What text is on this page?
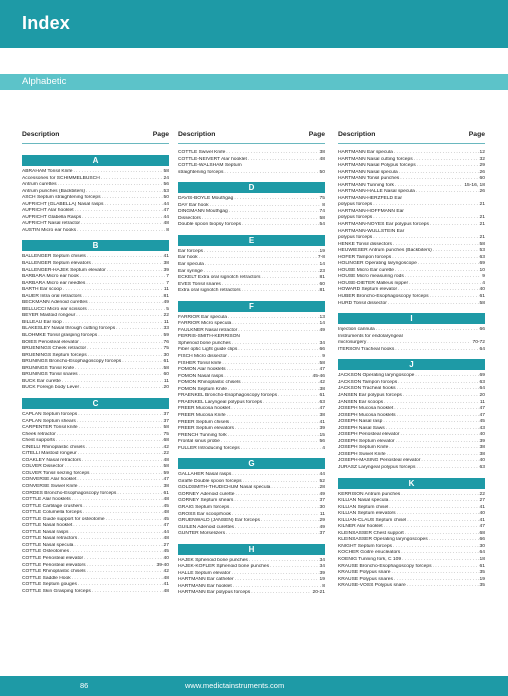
Index
Alphabetic
A
ABRAHAM Tonsil Knife . . .	58
Accessories for SCHIMMELBUSCH . . .	24
Antrum curettes . . .	56
Antrum punches (Backbiters) . . .	53
ASCH Septum straightening forceps . . .	50
AUFRICHT (GLABELLA) Nasal rasps . . .	44
AUFRICHT Alar hooklet . . .	47
AUFRICHT Glabella Rasps . . .	44
AUFRICHT Nasal retractor . . .	48
AUSTIN Micro ear hooks . . .	8
B
BALLENGER Septum chisels . . .	41
BALLENGER Septum elevators . . .	38
BALLENGER-HAJEK Septum elevator . . .	39
BARBARA Micro ear hook . . .	7
BARBARA Micro ear needles . . .	7
BARTH Ear scoop . . .	11
BAUER Intra oral retractors . . .	81
BECKMANN Adenoid curettes . . .	49
BELLUCCI Micro ear scissors . . .	5
BEYER Mastoid rongeur . . .	22
BILLEAU Ear loop . . .	11
BLAKESLEY Nasal through cutting forceps . . .	33
BLOHMKE Tonsil grasping forceps . . .	59
BOIES Periosteal elevator . . .	76
BRUENINGS Cheek retractor . . .	75
BRUENINGS Septum forceps . . .	30
BRÜNINGS Broncho-Esophagoscopy forceps . . .	61
BRÜNINGS Tonsil Knife . . .	58
BRÜNINGS Tonsil snares . . .	60
BUCK Ear curette . . .	11
BUCK Foreign body Lever . . .	20
C
CAPLAN Septum forceps . . .	37
CAPLAN Septum shears . . .	37
CARPENTER Tonsil knife . . .	58
Cheek retractor . . .	75
Chest supports . . .	68
CINELLI Rhinoplastic chisels . . .	42
CITELLI Mastoid rongeur . . .	22
COAKLEY Nasal retractors . . .	48
COLVER Dissector . . .	58
COLVER Tonsil seizing forceps . . .	59
CONVERSE Alar hooklet . . .	47
CONVERSE Swivel Knife . . .	38
CORDES Broncho-Esophagoscopy forceps . . .	61
COTTLE Alar hooklets . . .	48
COTTLE Cartilage crushers . . .	45
COTTLE Columella forceps . . .	48
COTTLE Guide support for osteotome . . .	45
COTTLE Nasal hooklet . . .	47
COTTLE Nasal rasps . . .	44
COTTLE Nasal retractors . . .	48
COTTLE Nasal specula . . .	27
COTTLE Osteotomes . . .	45
COTTLE Periosteal elevator . . .	40
COTTLE Periosteal elevators . . .	39-40
COTTLE Rhinoplastic chisels . . .	42
COTTLE Saddle Hook . . .	48
COTTLE Septum gouges . . .	41
COTTLE Skin Grasping forceps . . .	48
COTTLE Swivel Knife . . .	38
COTTLE-NEIVERT Alar hooklet . . .	48
COTTLE-WALSHAM Septum
straightening forceps . . .	50
D
DAVIS-BOYLE Mouthgag . . .	75
DAY Ear hook . . .	8
DINGMANN Mouthgag . . .	74
Dissectors . . .	58
Double spoon biopsy forceps . . .	54
E
Ear forceps . . .	19
Ear hook . . .	7-8
Ear specula . . .	14
Ear syringe . . .	23
ECKELT Extra oral signotch retractors . . .	81
EVES Tonsil snares . . .	60
Extra oral signotch retractors . . .	81
F
FARRIOR Ear specula . . .	13
FARRIOR Micro specula . . .	14
FAULKNER Nasal retractor . . .	49
FERRIS-SMITH-KERRISON
Sphenoid bone punches . . .	34
Fiber optic Light guide clips . . .	66
FISCH Micro dissector . . .	9
FISHER Tonsil knife . . .	58
FOMON Alar hooklets . . .	47
FOMON Nasal rasps . . .	45-46
FOMON Rhinoplastic chisels . . .	42
FOMON Septum Knife . . .	38
FRAENKEL Broncho-Esophagoscopy forceps . . .	61
FRAENKEL Laryngeal polypus forceps . . .	63
FREER Mucosa hooklet . . .	47
FREER Mucosa Knife . . .	38
FREER Septum chisels . . .	41
FREER Septum elevators . . .	39
FRENCH Tunning fork . . .	15
Frontal sinus probe . . .	56
FULLER Introducing forceps . . .	4
G
GALLAHER Nasal rasps . . .	44
Giraffe Double spoon forceps . . .	52
GOLDSMITH-THUDICHUM Nasal specula . . .	28
GORNEY Adenoid curette . . .	49
GORNEY Septum shears . . .	37
GRAIG Septum forceps . . .	30
GROSS Ear scoop/hook . . .	11
GRUENWALD (JANSEN) Ear forceps . . .	29
GUILEN Adenoid curettes . . .	49
GUNTER Morselizers . . .	37
H
HAJEK Sphenoid bone punches . . .	34
HAJEK-KOFLER Sphenoid bone punches . . .	34
HALLE Septum elevator . . .	39
HARTMANN Ear catheter . . .	19
HARTMANN Ear hooklet . . .	8
HARTMANN Ear polypus forceps . . .	20-21
HARTMANN Ear specula . . .	12
HARTMANN Nasal cutting forceps . . .	32
HARTMANN Nasal Polypus forceps . . .	29
HARTMANN Nasal specula . . .	26
HARTMANN Tonsil punches . . .	60
HARTMANN Tunning fork . . .	15-16, 18
HARTMANN-HALLE Nasal specula . . .	26
HARTMANN-HERZFELD Ear
polypus forceps . . .	21
HARTMANN-HOFFMANN Ear
polypus forceps . . .	21
HARTMANN-NOYES Ear polypus forceps . . .	21
HARTMANN-WULLSTEIN Ear
polypus forceps . . .	21
HENKE Tonsil dissectors . . .	58
HEUWIESER Antrum punches (Backbiters) . . .	53
HOFER Tampon forceps . . .	63
HOLINGER Operating laryngoscope . . .	69
HOUSE Micro Ear curette . . .	10
HOUSE Micro measuring rods . . .	9
HOUSE-DIETER Malleus nipper . . .	4
HOWARD Septum elevator . . .	40
HUBER Broncho-Esophagoscopy forceps . . .	61
HURD Tonsil dissector . . .	58
I
Injection cannula . . .	66
Instruments for endolaryngeal
microsurgery . . .	70-72
ITERSON Tracheal hooks . . .	64
J
JACKSON Operating laryngoscope . . .	69
JACKSON Tampon forceps . . .	63
JACKSON Tracheal hooks . . .	64
JANSEN Ear polypus forceps . . .	20
JANSEN Ear scoops . . .	11
JOSEPH Mucosa hooklet . . .	47
JOSEPH Mucosa hooklets . . .	47
JOSEPH Nasal rasp . . .	45
JOSEPH Nasal Saws . . .	43
JOSEPH Periosteal elevator . . .	40
JOSEPH Septum elevator . . .	39
JOSEPH Septum Knife . . .	38
JOSEPH Swivel Knife . . .	38
JOSEPH-MASING Periosteal elevator . . .	40
JURASZ Laryngeal polypus forceps . . .	63
K
KERRISON Antrum punches . . .	22
KILLIAN Nasal specula . . .	27
KILLIAN Septum chisel . . .	41
KILLIAN Septum elevators . . .	40
KILLIAN-CLAUS Septum chisel . . .	41
KILNER Alar hooklet . . .	47
KLEINSASSER Chest support . . .	68
KLEINSASSER Operating laryngoscopes . . .	66
KNIGHT Septum forceps . . .	30
KOCHER Goitre enucleators . . .	64
KOENIG Tunning fork, C 109 . . .	18
KRAUSE Broncho-Esophagoscopy forceps . . .	61
KRAUSE Polypus snare . . .	35
KRAUSE Polypus snares . . .	19
KRAUSE-VOSS Polypus snare . . .	35
86	www.medictainstruments.com
Description	Page Description	Page Description	Page
